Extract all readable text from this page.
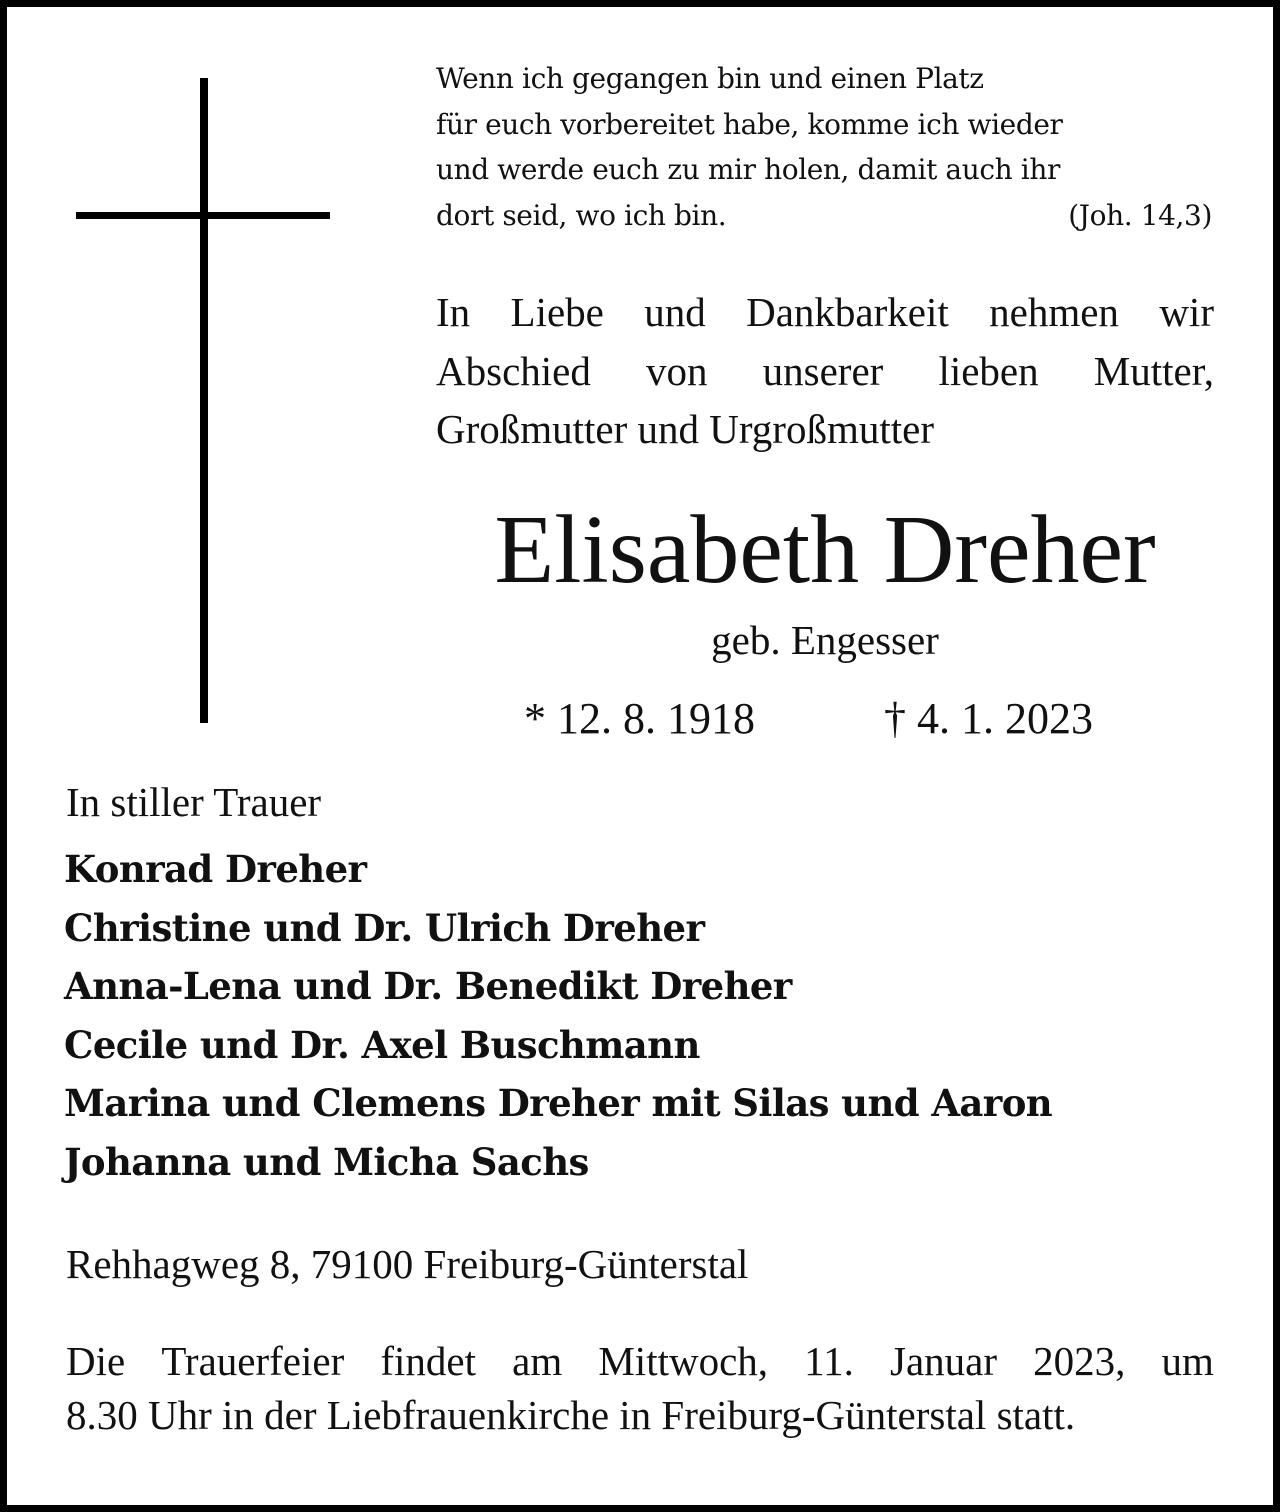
Wenn ich gegangen bin und einen Platz
für euch vorbereitet habe, komme ich wieder
und werde euch zu mir holen, damit auch ihr
dort seid, wo ich bin.	(Joh. 14,3)
In Liebe und Dankbarkeit nehmen wir
Abschied von unserer lieben Mutter,
Großmutter und Urgroßmutter
Elisabeth Dreher
geb. Engesser
* 12. 8. 1918	† 4. 1. 2023
In stiller Trauer
Konrad Dreher
Christine und Dr. Ulrich Dreher
Anna-Lena und Dr. Benedikt Dreher
Cecile und Dr. Axel Buschmann
Marina und Clemens Dreher mit Silas und Aaron
Johanna und Micha Sachs
Rehhagweg 8, 79100 Freiburg-Günterstal
Die Trauerfeier findet am Mittwoch, 11. Januar 2023, um
8.30 Uhr in der Liebfrauenkirche in Freiburg-Günterstal statt.
